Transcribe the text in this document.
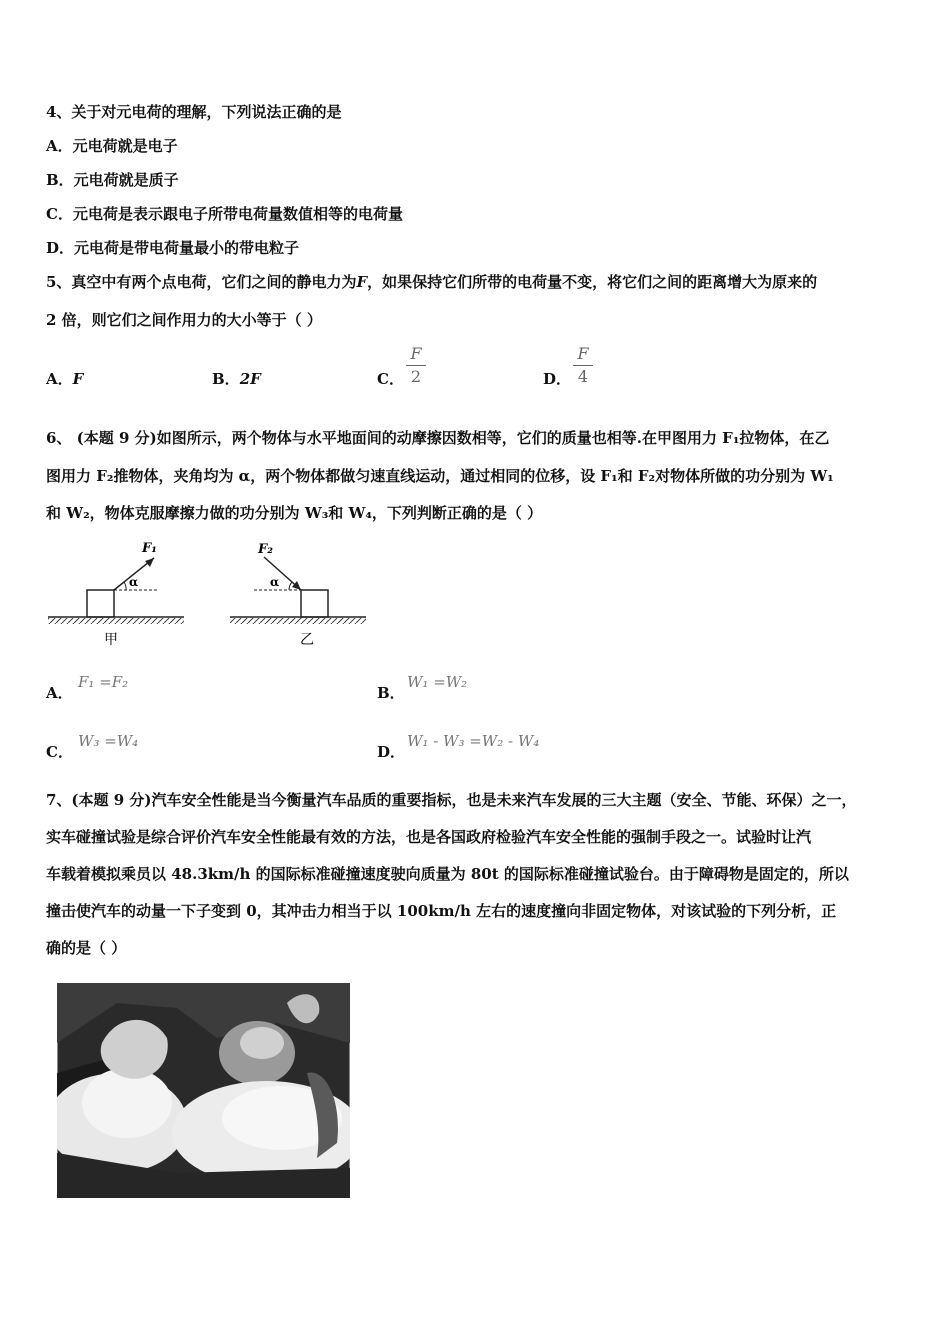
4、关于对元电荷的理解，下列说法正确的是
A．元电荷就是电子
B．元电荷就是质子
C．元电荷是表示跟电子所带电荷量数值相等的电荷量
D．元电荷是带电荷量最小的带电粒子
5、真空中有两个点电荷，它们之间的静电力为F，如果保持它们所带的电荷量不变，将它们之间的距离增大为原来的
2 倍，则它们之间作用力的大小等于（ ）
A．F	B．2F	C．
F
2	D．
F
4
6、 (本题 9 分)如图所示，两个物体与水平地面间的动摩擦因数相等，它们的质量也相等.在甲图用力 F₁拉物体，在乙
图用力 F₂推物体，夹角均为 α，两个物体都做匀速直线运动，通过相同的位移，设 F₁和 F₂对物体所做的功分别为 W₁
和 W₂，物体克服摩擦力做的功分别为 W₃和 W₄，下列判断正确的是（ ）
F₁
α
甲
F₂
α
乙
A．
F₁ =F₂
B．
W₁ =W₂
C．
W₃ =W₄
D．
W₁ - W₃ =W₂ - W₄
7、(本题 9 分)汽车安全性能是当今衡量汽车品质的重要指标，也是未来汽车发展的三大主题（安全、节能、环保）之一，
实车碰撞试验是综合评价汽车安全性能最有效的方法，也是各国政府检验汽车安全性能的强制手段之一。试验时让汽
车载着模拟乘员以 48.3km/h 的国际标准碰撞速度驶向质量为 80t 的国际标准碰撞试验台。由于障碍物是固定的，所以
撞击使汽车的动量一下子变到 0，其冲击力相当于以 100km/h 左右的速度撞向非固定物体，对该试验的下列分析，正
确的是（ ）
